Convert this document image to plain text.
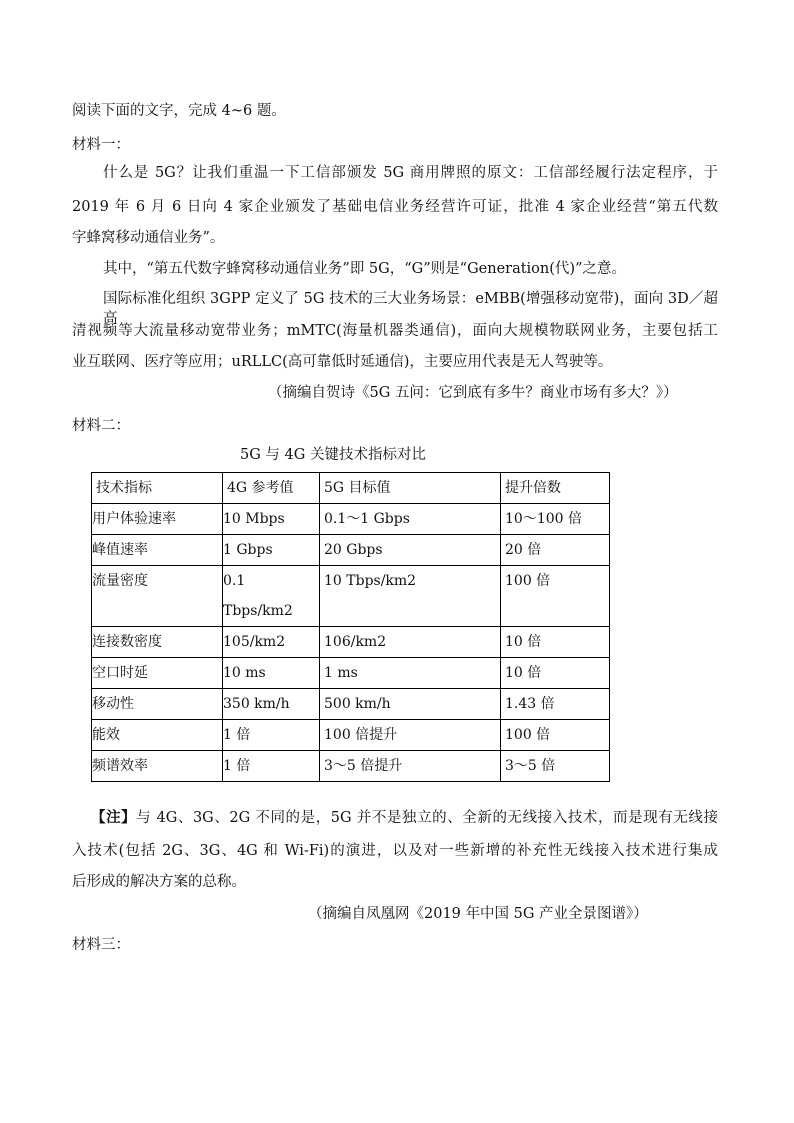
阅读下面的文字，完成 4~6 题。
材料一：
什么是 5G？让我们重温一下工信部颁发 5G 商用牌照的原文：工信部经履行法定程序，于
2019 年 6 月 6 日向 4 家企业颁发了基础电信业务经营许可证，批准 4 家企业经营“第五代数
字蜂窝移动通信业务”。
其中，“第五代数字蜂窝移动通信业务”即 5G，“G”则是“Generation(代)”之意。
国际标准化组织 3GPP 定义了 5G 技术的三大业务场景：eMBB(增强移动宽带)，面向 3D／超高
清视频等大流量移动宽带业务；mMTC(海量机器类通信)，面向大规模物联网业务，主要包括工
业互联网、医疗等应用；uRLLC(高可靠低时延通信)，主要应用代表是无人驾驶等。
（摘编自贺诗《5G 五问：它到底有多牛？商业市场有多大？》）
材料二：
5G 与 4G 关键技术指标对比
技术指标	4G 参考值	5G 目标值	提升倍数
用户体验速率	10 Mbps	0.1～1 Gbps	10～100 倍
峰值速率	1 Gbps	20 Gbps	20 倍
流量密度	0.1 Tbps/km2	10 Tbps/km2	100 倍
连接数密度	105/km2	106/km2	10 倍
空口时延	10 ms	1 ms	10 倍
移动性	350 km/h	500 km/h	1.43 倍
能效	1 倍	100 倍提升	100 倍
频谱效率	1 倍	3～5 倍提升	3～5 倍
【注】与 4G、3G、2G 不同的是，5G 并不是独立的、全新的无线接入技术，而是现有无线接
入技术(包括 2G、3G、4G 和 Wi-Fi)的演进，以及对一些新增的补充性无线接入技术进行集成
后形成的解决方案的总称。
（摘编自凤凰网《2019 年中国 5G 产业全景图谱》）
材料三：
